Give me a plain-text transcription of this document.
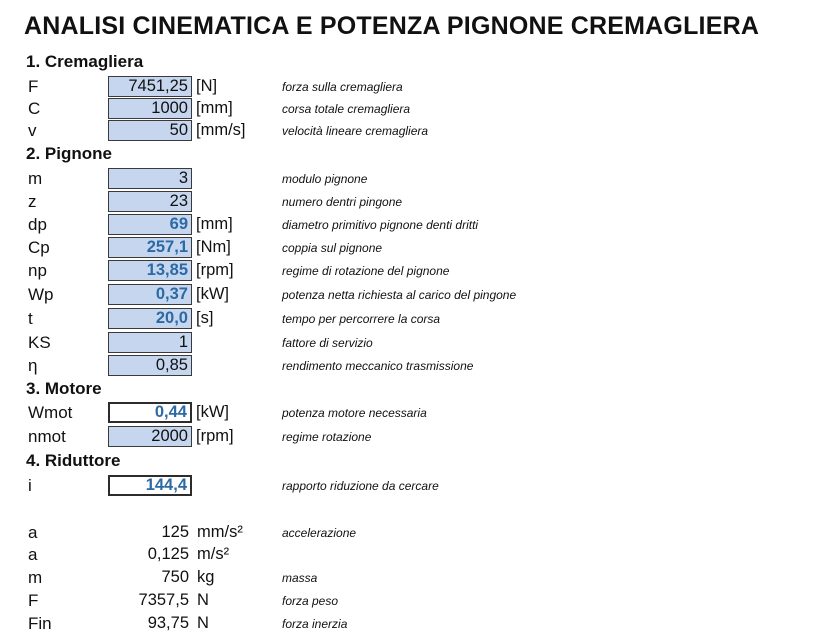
ANALISI CINEMATICA E POTENZA PIGNONE CREMAGLIERA
1. Cremagliera
F	7451,25 [N]	forza sulla cremagliera
C	1000 [mm]	corsa totale cremagliera
v	50 [mm/s]	velocità lineare cremagliera
2. Pignone
m	3	modulo pignone
z	23	numero dentri pingone
dp	69 [mm]	diametro primitivo pignone denti dritti
Cp	257,1 [Nm]	coppia sul pignone
np	13,85 [rpm]	regime di rotazione del pignone
Wp	0,37 [kW]	potenza netta richiesta al carico del pingone
t	20,0 [s]	tempo per percorrere la corsa
KS	1	fattore di servizio
η	0,85	rendimento meccanico trasmissione
3. Motore
Wmot	0,44 [kW]	potenza motore necessaria
nmot	2000 [rpm]	regime rotazione
4. Riduttore
i	144,4	rapporto riduzione da cercare
a	125 mm/s²	accelerazione
a	0,125 m/s²
m	750 kg	massa
F	7357,5 N	forza peso
Fin	93,75 N	forza inerzia
